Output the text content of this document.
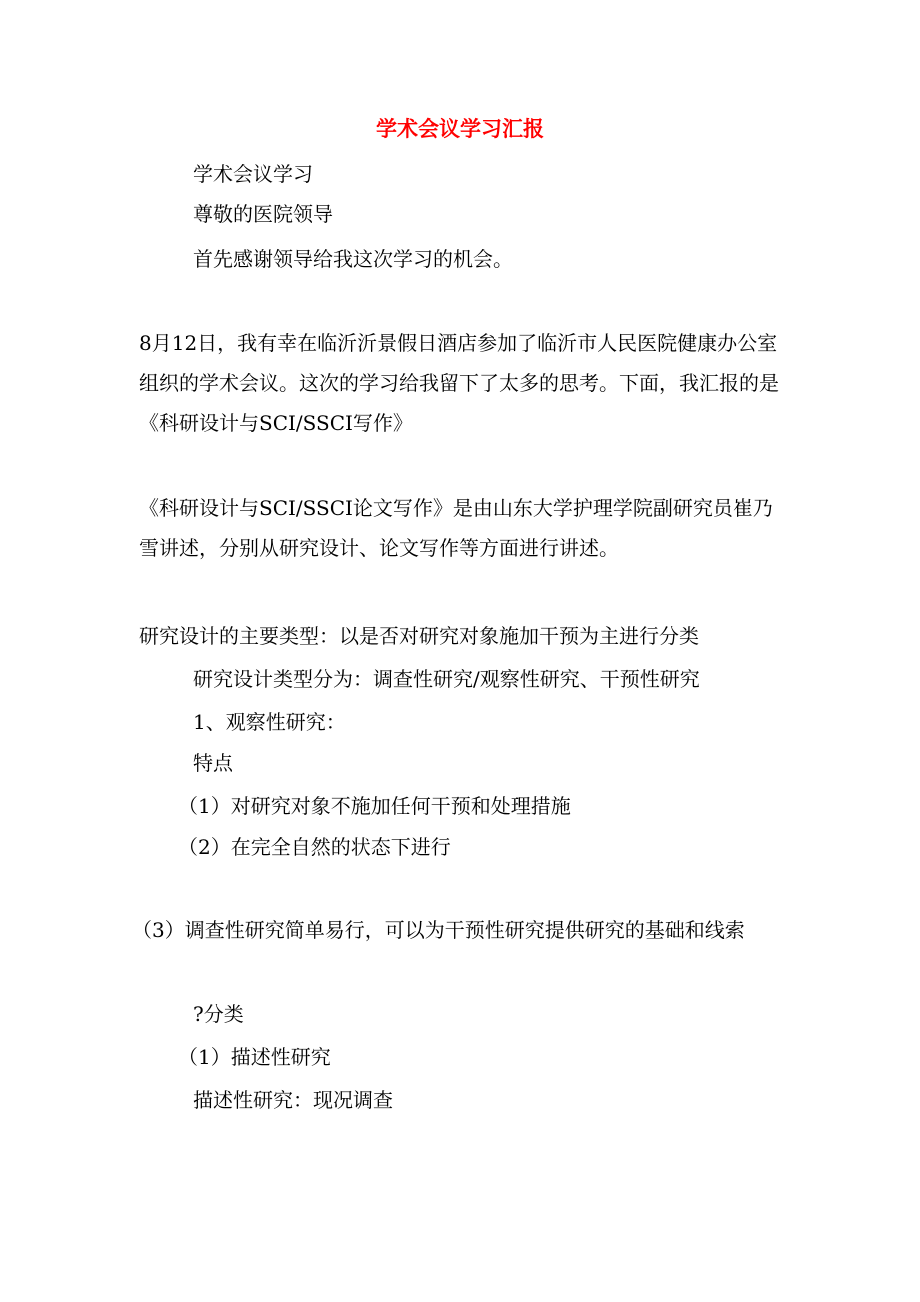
学术会议学习汇报
学术会议学习
尊敬的医院领导
首先感谢领导给我这次学习的机会。
8月12日，我有幸在临沂沂景假日酒店参加了临沂市人民医院健康办公室组织的学术会议。这次的学习给我留下了太多的思考。下面，我汇报的是《科研设计与SCI/SSCI写作》
《科研设计与SCI/SSCI论文写作》是由山东大学护理学院副研究员崔乃雪讲述，分别从研究设计、论文写作等方面进行讲述。
研究设计的主要类型：以是否对研究对象施加干预为主进行分类
研究设计类型分为：调查性研究/观察性研究、干预性研究
1、观察性研究：
特点
（1）对研究对象不施加任何干预和处理措施
（2）在完全自然的状态下进行
（3）调查性研究简单易行，可以为干预性研究提供研究的基础和线索
?分类
（1）描述性研究
描述性研究：现况调查
